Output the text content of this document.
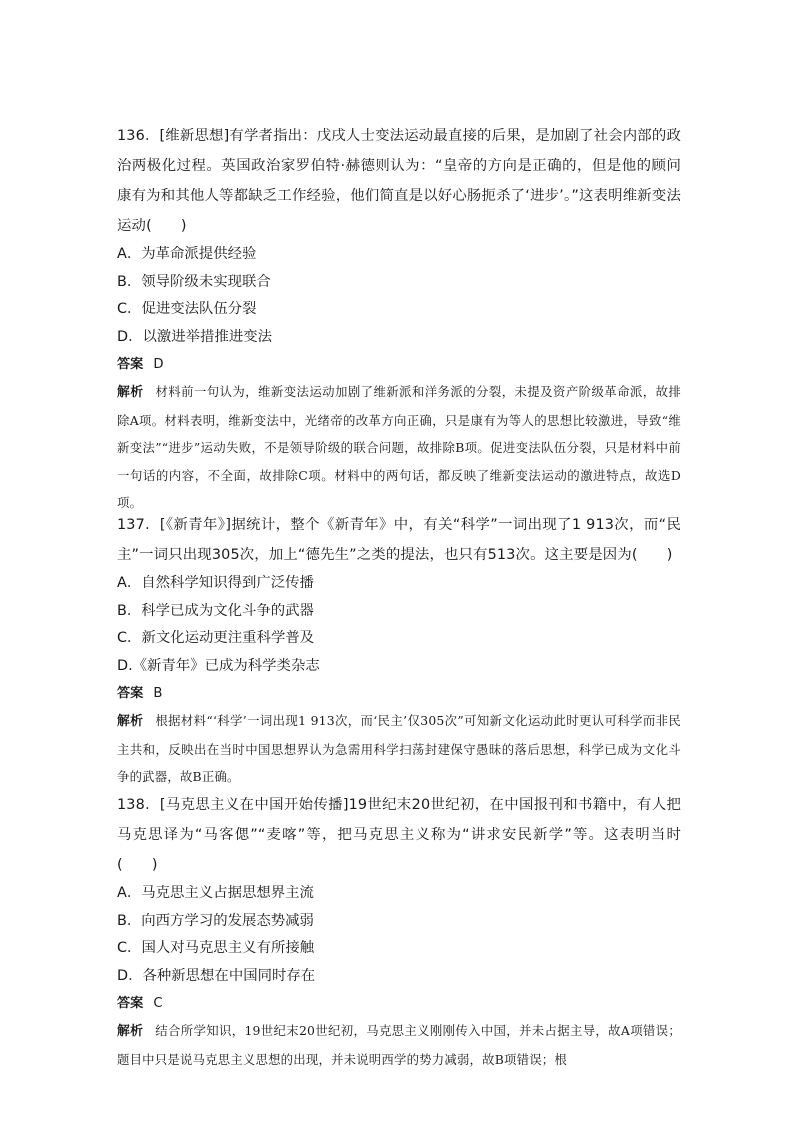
136．[维新思想]有学者指出：戊戌人士变法运动最直接的后果，是加剧了社会内部的政治两极化过程。英国政治家罗伯特·赫德则认为：“皇帝的方向是正确的，但是他的顾问康有为和其他人等都缺乏工作经验，他们简直是以好心肠扼杀了‘进步’。”这表明维新变法运动(　　)

A．为革命派提供经验

B．领导阶级未实现联合

C．促进变法队伍分裂

D．以激进举措推进变法

答案 D

解析 材料前一句认为，维新变法运动加剧了维新派和洋务派的分裂，未提及资产阶级革命派，故排除A项。材料表明，维新变法中，光绪帝的改革方向正确，只是康有为等人的思想比较激进，导致“维新变法”“进步”运动失败，不是领导阶级的联合问题，故排除B项。促进变法队伍分裂，只是材料中前一句话的内容，不全面，故排除C项。材料中的两句话，都反映了维新变法运动的激进特点，故选D项。

137．[《新青年》]据统计，整个《新青年》中，有关“科学”一词出现了1 913次，而“民主”一词只出现305次，加上“德先生”之类的提法，也只有513次。这主要是因为(　　)

A．自然科学知识得到广泛传播

B．科学已成为文化斗争的武器

C．新文化运动更注重科学普及

D.《新青年》已成为科学类杂志

答案 B

解析 根据材料“‘科学’一词出现1 913次，而‘民主’仅305次”可知新文化运动此时更认可科学而非民主共和，反映出在当时中国思想界认为急需用科学扫荡封建保守愚昧的落后思想，科学已成为文化斗争的武器，故B正确。

138．[马克思主义在中国开始传播]19世纪末20世纪初，在中国报刊和书籍中，有人把马克思译为“马客偲”“麦喀”等，把马克思主义称为“讲求安民新学”等。这表明当时(　　)

A．马克思主义占据思想界主流

B．向西方学习的发展态势减弱

C．国人对马克思主义有所接触

D．各种新思想在中国同时存在

答案 C

解析 结合所学知识，19世纪末20世纪初，马克思主义刚刚传入中国，并未占据主导，故A项错误；题目中只是说马克思主义思想的出现，并未说明西学的势力减弱，故B项错误；根
